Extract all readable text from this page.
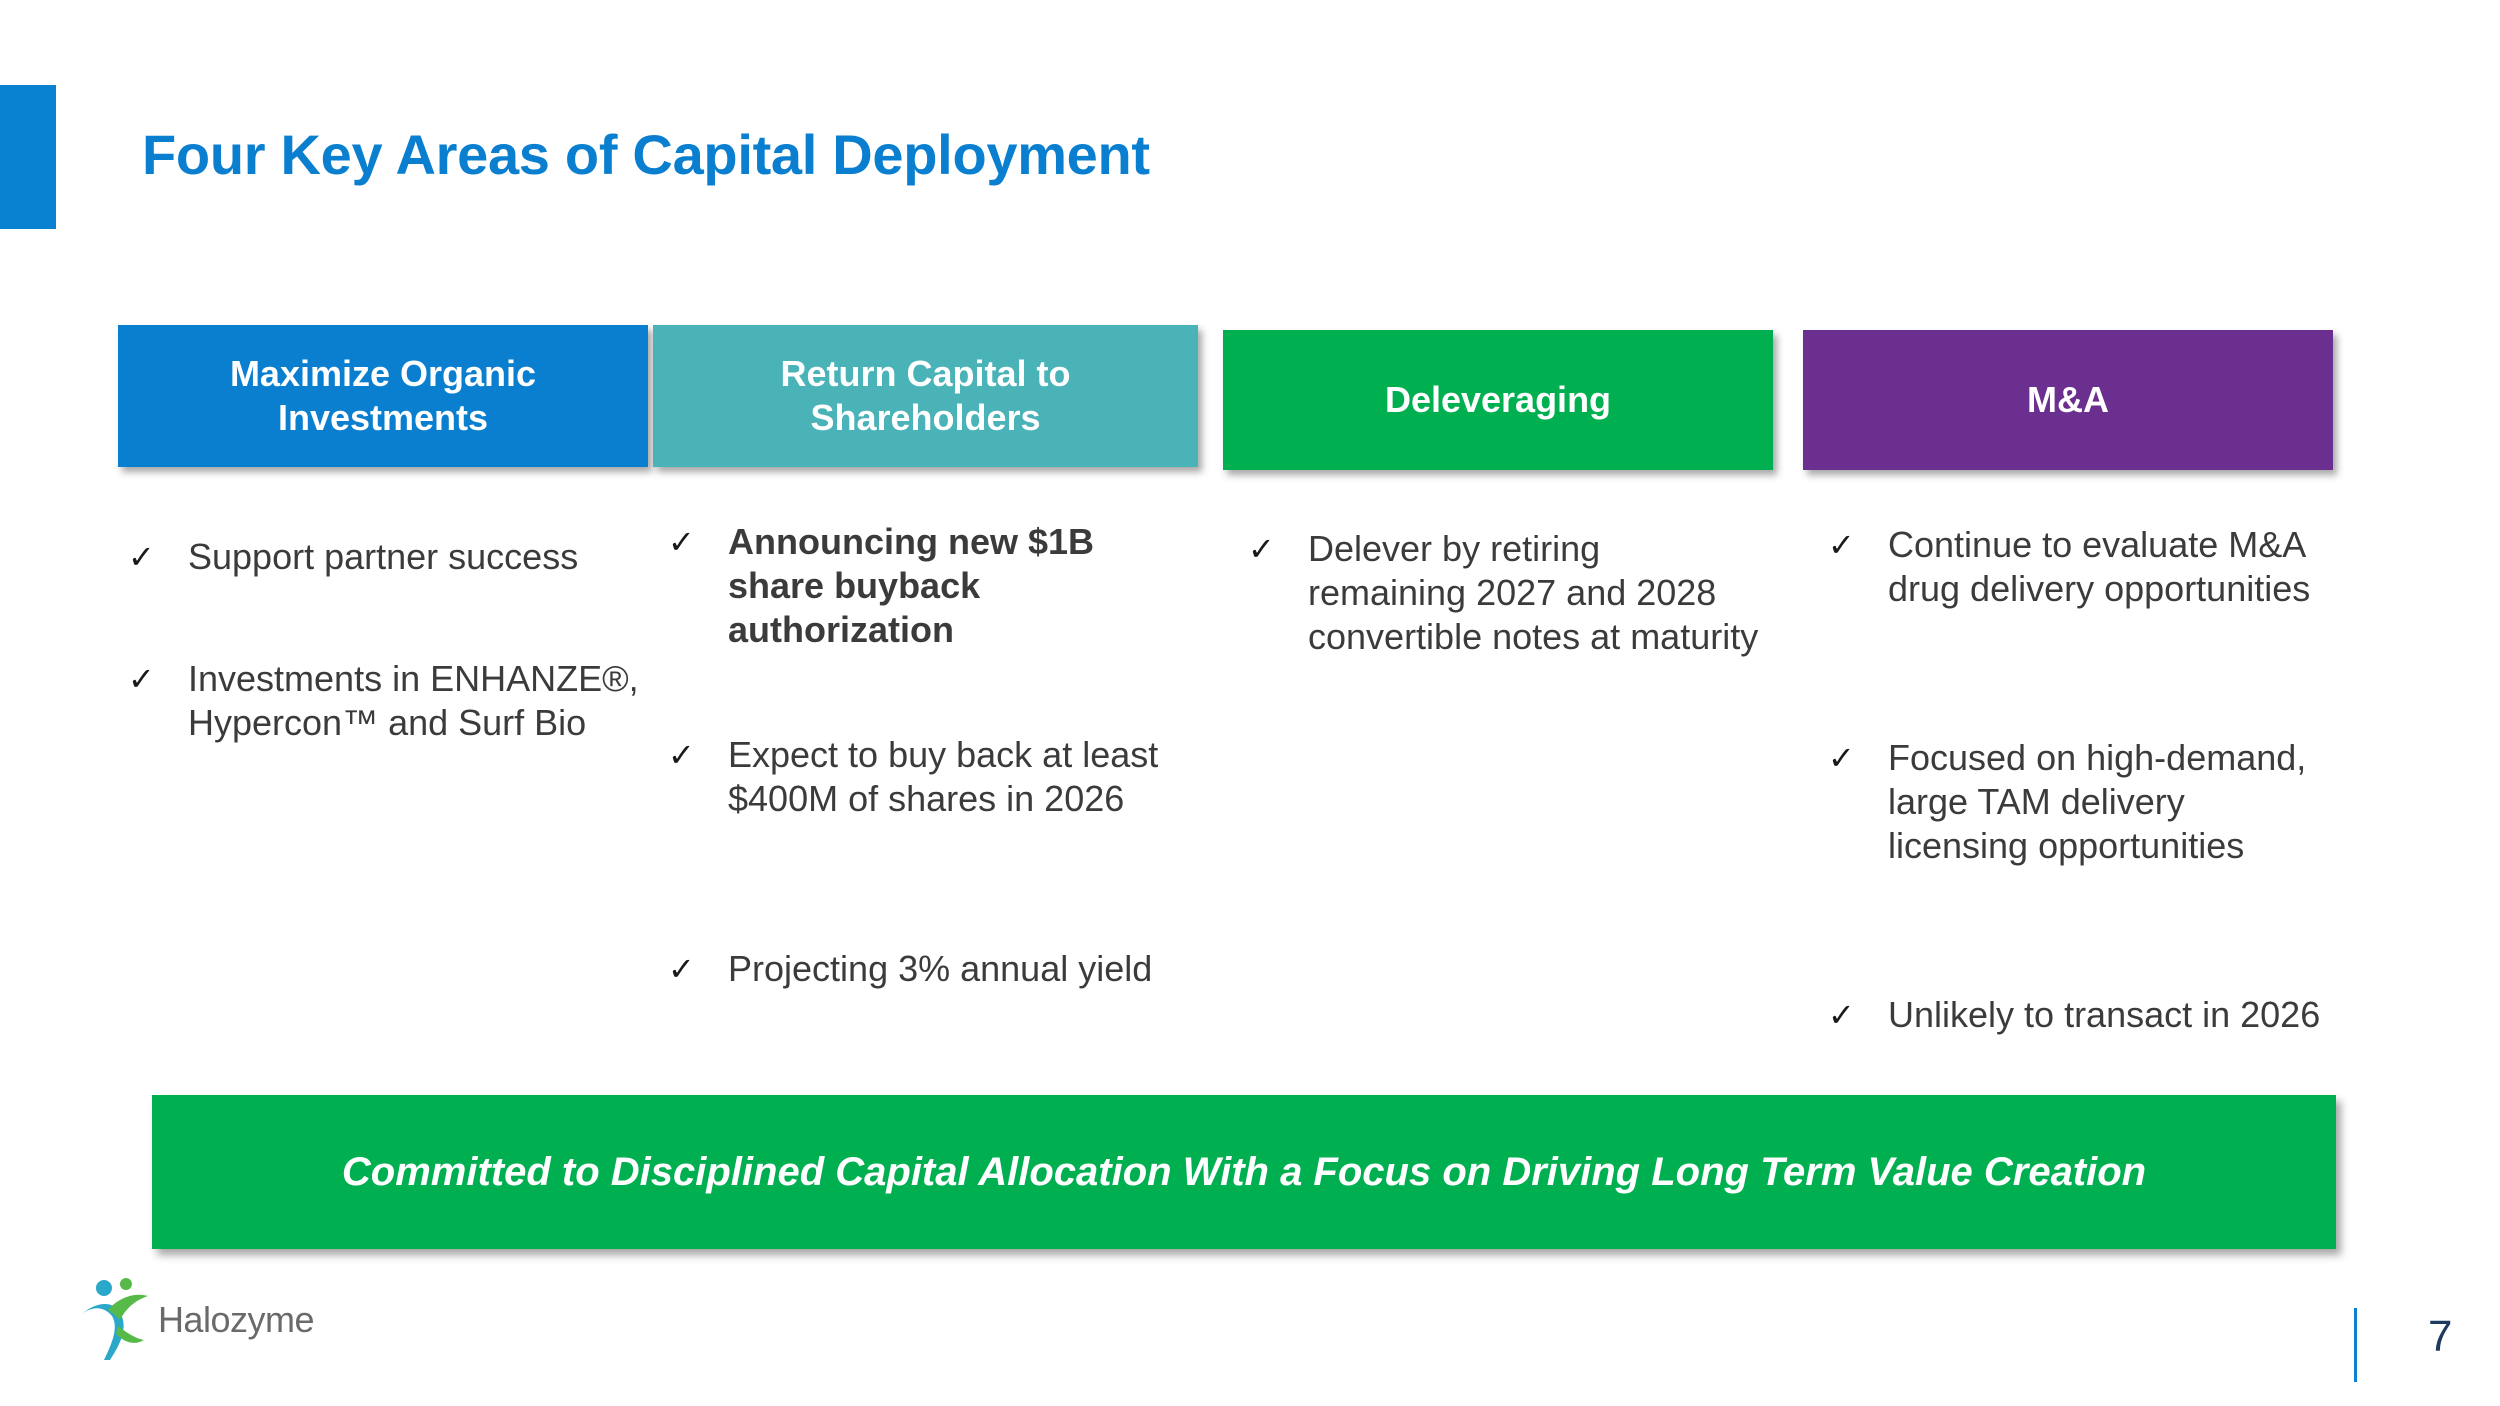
Four Key Areas of Capital Deployment
Maximize Organic
Investments
Return Capital to
Shareholders	Deleveraging	M&A
✓ Support partner success
✓ Investments in ENHANZE®, Hypercon™ and Surf Bio
✓ Announcing new $1B share buyback authorization
✓ Expect to buy back at least $400M of shares in 2026
✓ Projecting 3% annual yield
✓ Delever by retiring remaining 2027 and 2028 convertible notes at maturity
✓ Continue to evaluate M&A drug delivery opportunities
✓ Focused on high-demand, large TAM delivery licensing opportunities
✓ Unlikely to transact in 2026
Committed to Disciplined Capital Allocation With a Focus on Driving Long Term Value Creation
Halozyme	7
